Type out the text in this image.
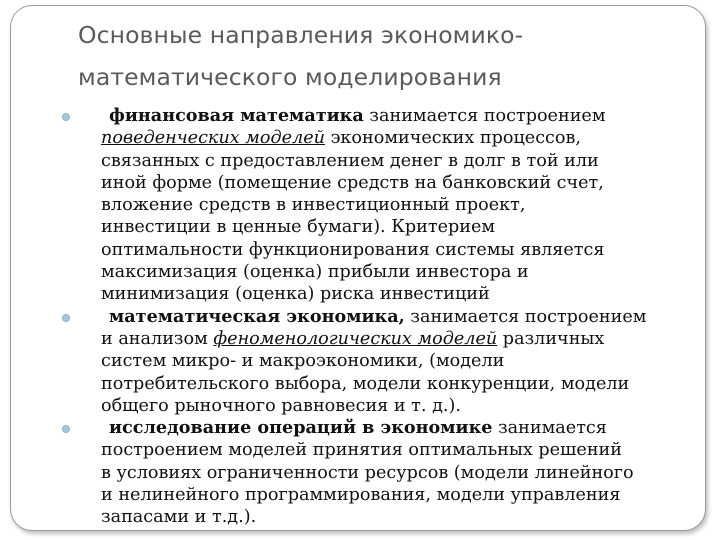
Основные направления экономико-
математического моделирования
финансовая математика занимается построением
поведенческих моделей экономических процессов,
связанных с предоставлением денег в долг в той или
иной форме (помещение средств на банковский счет,
вложение средств в инвестиционный проект,
инвестиции в ценные бумаги). Критерием
оптимальности функционирования системы является
максимизация (оценка) прибыли инвестора и
минимизация (оценка) риска инвестиций
математическая экономика, занимается построением
и анализом феноменологических моделей различных
систем микро- и макроэкономики, (модели
потребительского выбора, модели конкуренции, модели
общего рыночного равновесия и т. д.).
исследование операций в экономике занимается
построением моделей принятия оптимальных решений
в условиях ограниченности ресурсов (модели линейного
и нелинейного программирования, модели управления
запасами и т.д.).
